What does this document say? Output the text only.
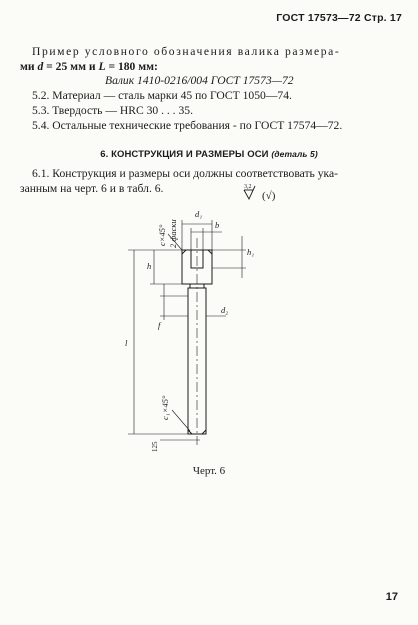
ГОСТ 17573—72 Стр. 17
Пример условного обозначения валика размера-
ми d = 25 мм и L = 180 мм:
Валик 1410-0216/004 ГОСТ 17573—72
5.2. Материал — сталь марки 45 по ГОСТ 1050—74.
5.3. Твердость — HRC 30 . . . 35.
5.4. Остальные технические требования - по ГОСТ 17574—72.
6. КОНСТРУКЦИЯ И РАЗМЕРЫ ОСИ (деталь 5)
6.1. Конструкция и размеры оси должны соответствовать ука-
занным на черт. 6 и в табл. 6.	3,2
(√)
d₁
b
h₁
d₂
c×45° 2 фаски
h
f
l
c₁×45°
125
Черт. 6
17
